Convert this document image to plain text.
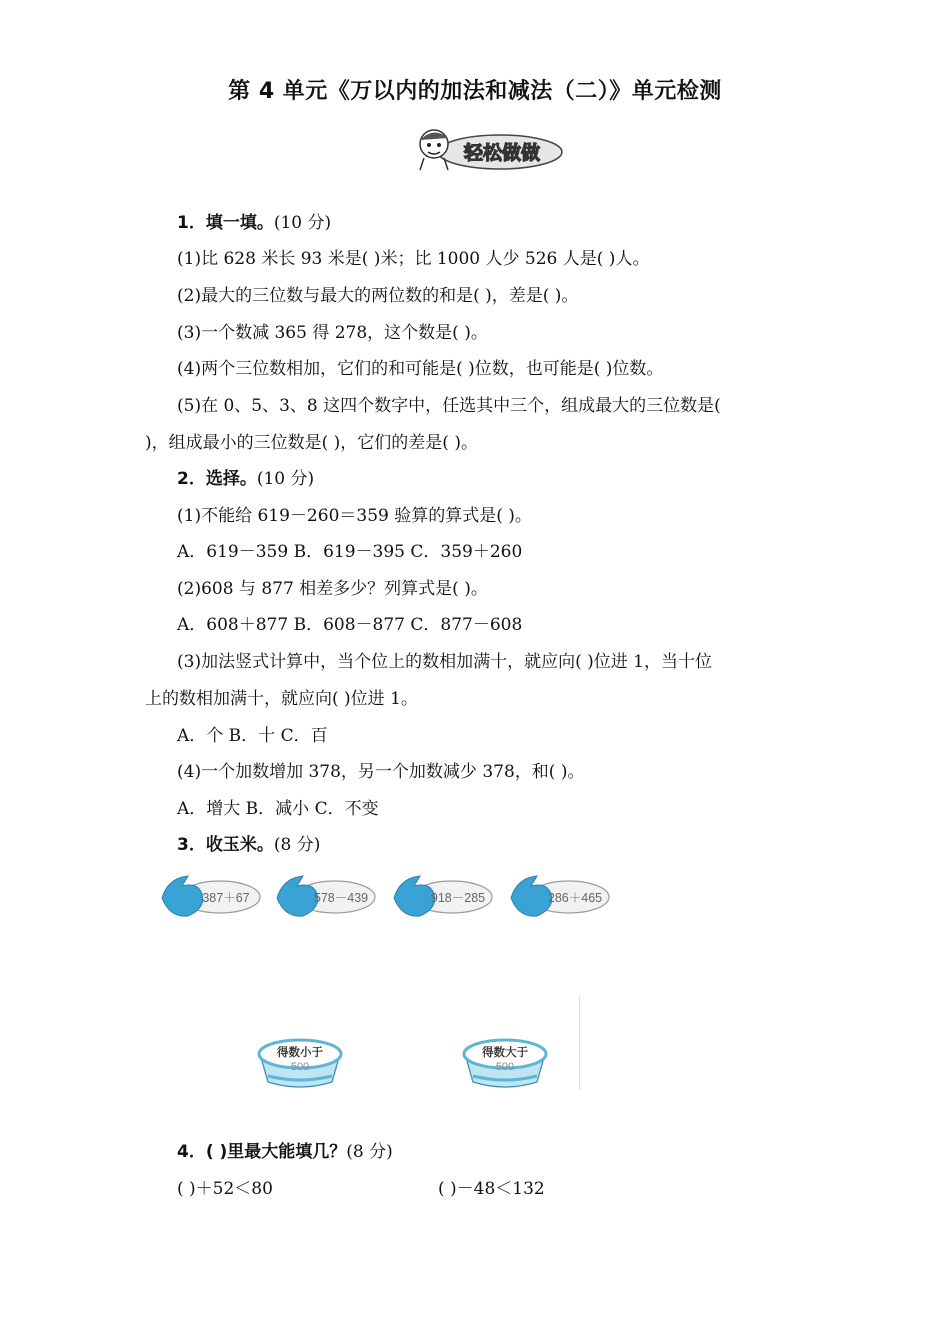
第 4 单元《万以内的加法和减法（二）》单元检测
轻松做做
1．填一填。(10 分)
(1)比 628 米长 93 米是( )米；比 1000 人少 526 人是( )人。
(2)最大的三位数与最大的两位数的和是( )，差是( )。
(3)一个数减 365 得 278，这个数是( )。
(4)两个三位数相加，它们的和可能是( )位数，也可能是( )位数。
(5)在 0、5、3、8 这四个数字中，任选其中三个，组成最大的三位数是(
)，组成最小的三位数是( )，它们的差是( )。
2．选择。(10 分)
(1)不能给 619－260＝359 验算的算式是( )。
A．619－359 B．619－395 C．359＋260
(2)608 与 877 相差多少？列算式是( )。
A．608＋877 B．608－877 C．877－608
(3)加法竖式计算中，当个位上的数相加满十，就应向( )位进 1，当十位
上的数相加满十，就应向( )位进 1。
A．个 B．十 C．百
(4)一个加数增加 378，另一个加数减少 378，和( )。
A．增大 B．减小 C．不变
3．收玉米。(8 分)
387＋67	578－439	918－285	286＋465
得数小于
500
得数大于
500
4．( )里最大能填几？(8 分)
( )＋52＜80	( )－48＜132
